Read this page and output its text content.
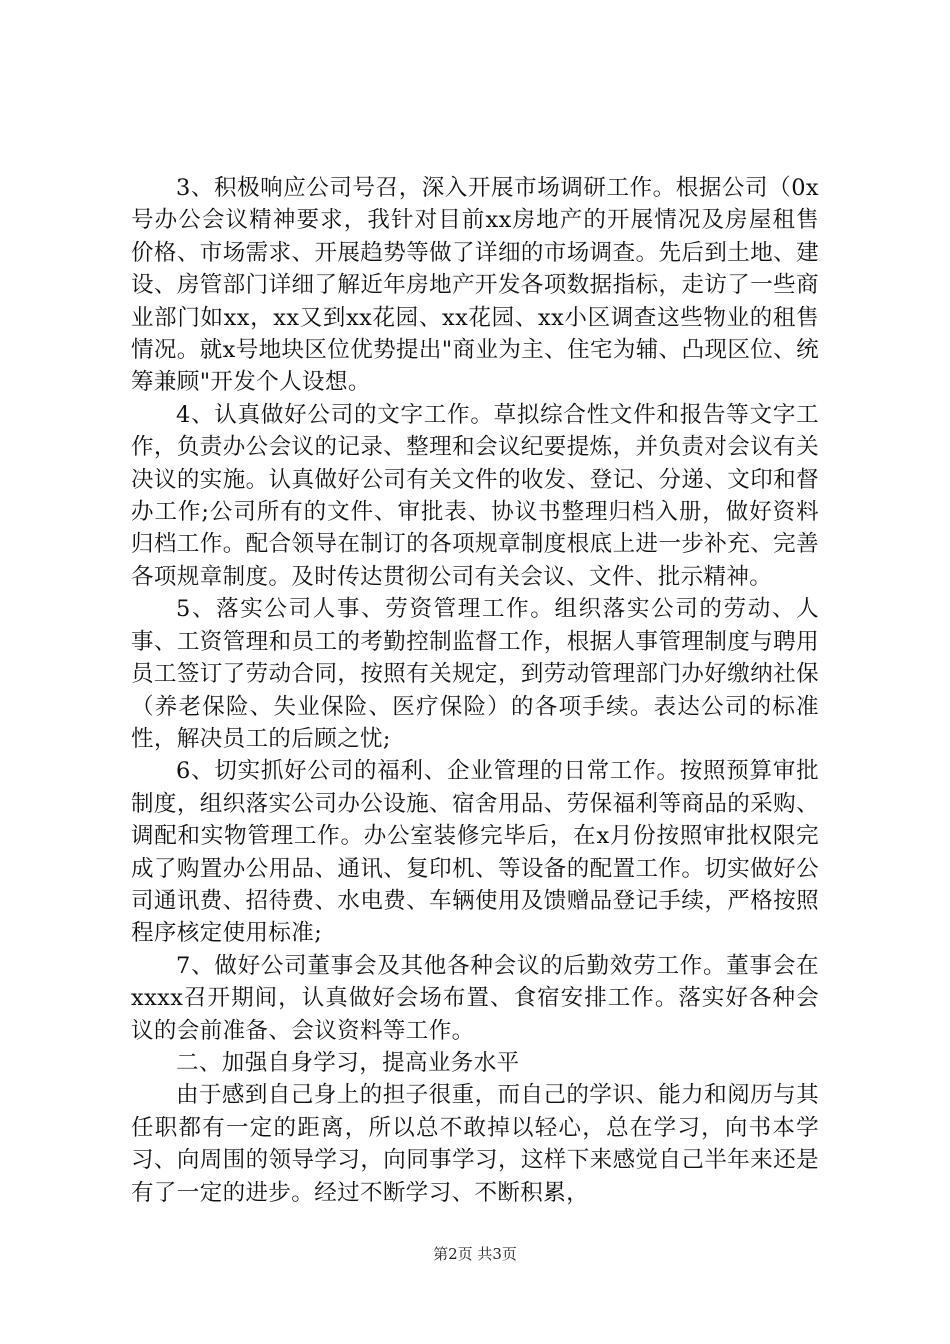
3、积极响应公司号召，深入开展市场调研工作。根据公司（0x号办公会议精神要求，我针对目前xx房地产的开展情况及房屋租售价格、市场需求、开展趋势等做了详细的市场调查。先后到土地、建设、房管部门详细了解近年房地产开发各项数据指标，走访了一些商业部门如xx，xx又到xx花园、xx花园、xx小区调查这些物业的租售情况。就x号地块区位优势提出"商业为主、住宅为辅、凸现区位、统筹兼顾"开发个人设想。

4、认真做好公司的文字工作。草拟综合性文件和报告等文字工作，负责办公会议的记录、整理和会议纪要提炼，并负责对会议有关决议的实施。认真做好公司有关文件的收发、登记、分递、文印和督办工作;公司所有的文件、审批表、协议书整理归档入册，做好资料归档工作。配合领导在制订的各项规章制度根底上进一步补充、完善各项规章制度。及时传达贯彻公司有关会议、文件、批示精神。

5、落实公司人事、劳资管理工作。组织落实公司的劳动、人事、工资管理和员工的考勤控制监督工作，根据人事管理制度与聘用员工签订了劳动合同，按照有关规定，到劳动管理部门办好缴纳社保（养老保险、失业保险、医疗保险）的各项手续。表达公司的标准性，解决员工的后顾之忧;

6、切实抓好公司的福利、企业管理的日常工作。按照预算审批制度，组织落实公司办公设施、宿舍用品、劳保福利等商品的采购、调配和实物管理工作。办公室装修完毕后，在x月份按照审批权限完成了购置办公用品、通讯、复印机、等设备的配置工作。切实做好公司通讯费、招待费、水电费、车辆使用及馈赠品登记手续，严格按照程序核定使用标准;

7、做好公司董事会及其他各种会议的后勤效劳工作。董事会在xxxx召开期间，认真做好会场布置、食宿安排工作。落实好各种会议的会前准备、会议资料等工作。

二、加强自身学习，提高业务水平

由于感到自己身上的担子很重，而自己的学识、能力和阅历与其任职都有一定的距离，所以总不敢掉以轻心，总在学习，向书本学习、向周围的领导学习，向同事学习，这样下来感觉自己半年来还是有了一定的进步。经过不断学习、不断积累，

第2页 共3页
